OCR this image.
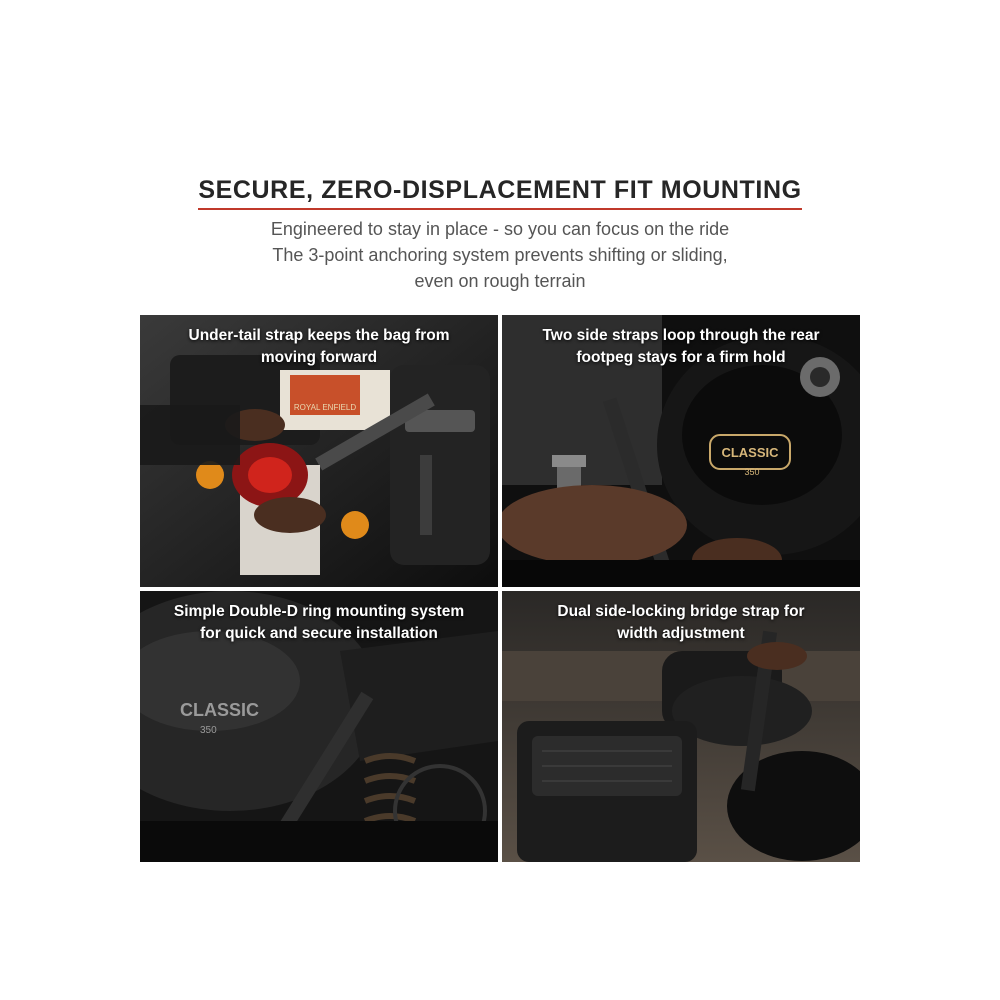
SECURE, ZERO-DISPLACEMENT FIT MOUNTING
Engineered to stay in place - so you can focus on the ride
The 3-point anchoring system prevents shifting or sliding,
even on rough terrain
ROYAL ENFIELD
Under-tail strap keeps the bag from
moving forward
CLASSIC
350
Two side straps loop through the rear
footpeg stays for a firm hold
CLASSIC
350
Simple Double-D ring mounting system
for quick and secure installation
Dual side-locking bridge strap for
width adjustment
